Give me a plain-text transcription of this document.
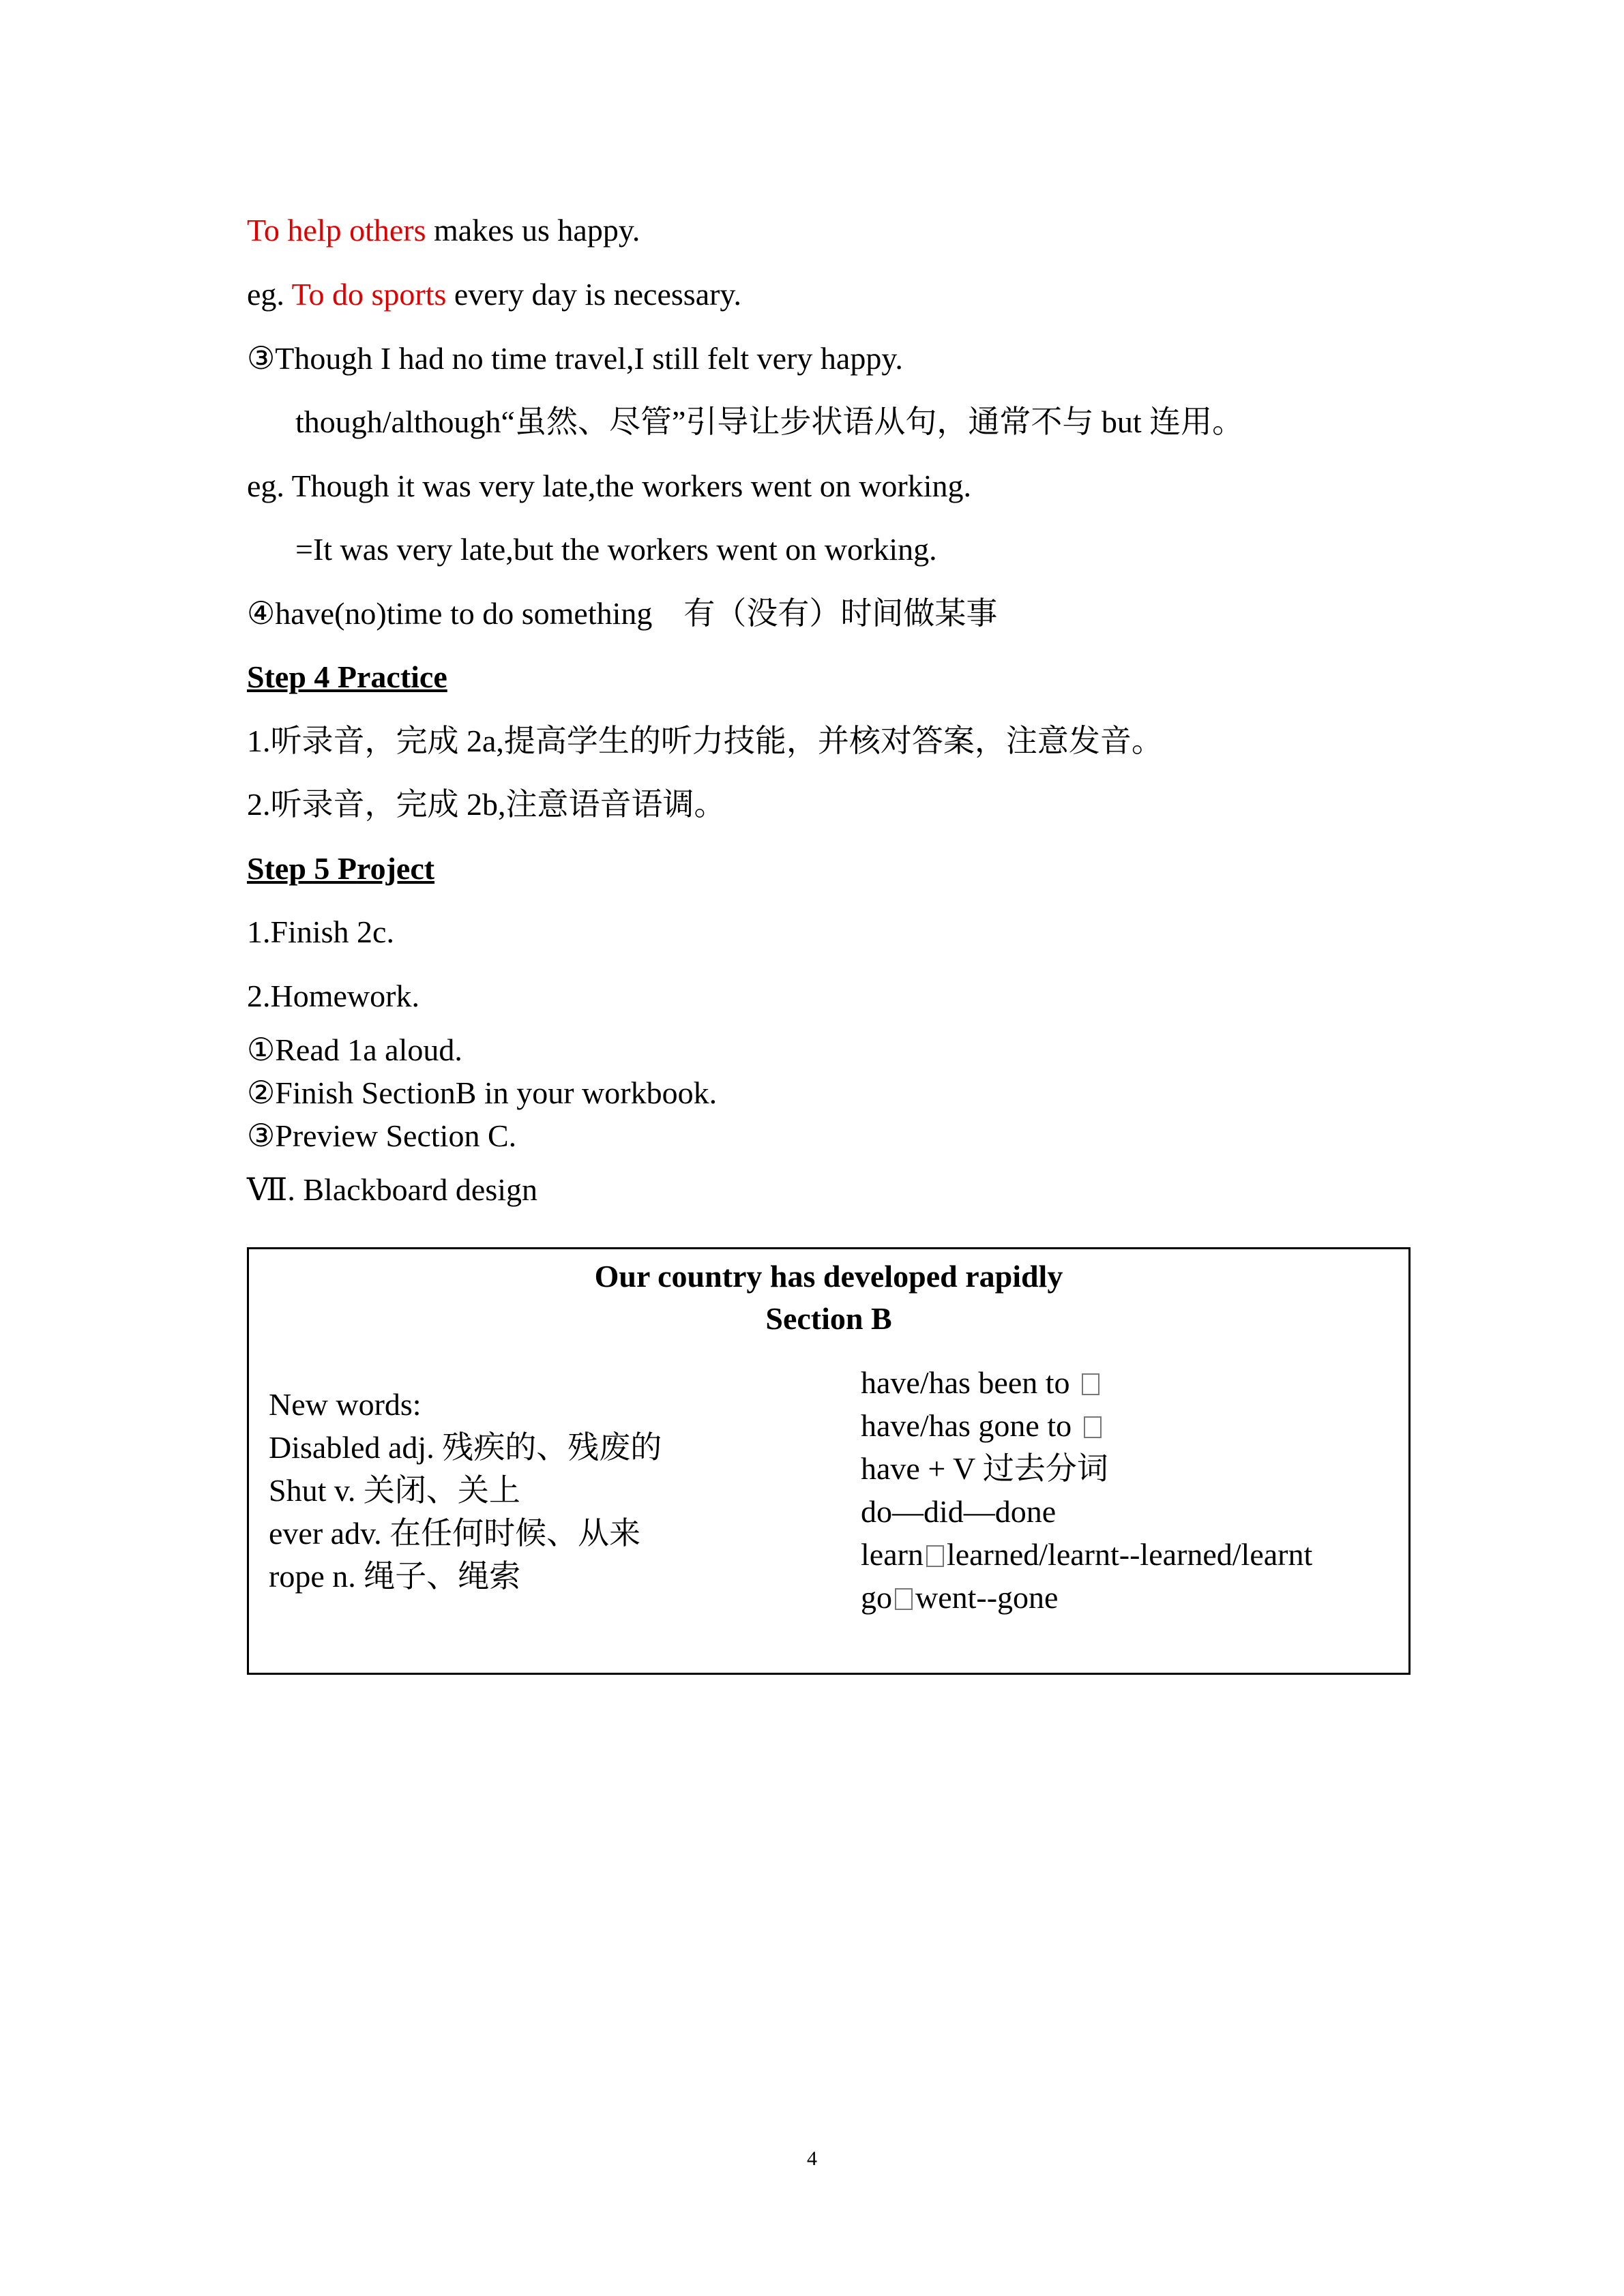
To help others makes us happy.
eg. To do sports every day is necessary.
③Though I had no time travel,I still felt very happy.
though/although“虽然、尽管”引导让步状语从句，通常不与 but 连用。
eg. Though it was very late,the workers went on working.
=It was very late,but the workers went on working.
④have(no)time to do something　有（没有）时间做某事
Step 4 Practice
1.听录音，完成 2a,提高学生的听力技能，并核对答案，注意发音。
2.听录音，完成 2b,注意语音语调。
Step 5 Project
1.Finish 2c.
2.Homework.
①Read 1a aloud.
②Finish SectionB in your workbook.
③Preview Section C.
Ⅶ. Blackboard design
Our country has developed rapidly
Section B
New words:
Disabled adj. 残疾的、残废的
Shut v. 关闭、关上
ever adv. 在任何时候、从来
rope n. 绳子、绳索
have/has been to
have/has gone to
have + V 过去分词
do—did—done
learn learned/learnt--learned/learnt
go went--gone
4
